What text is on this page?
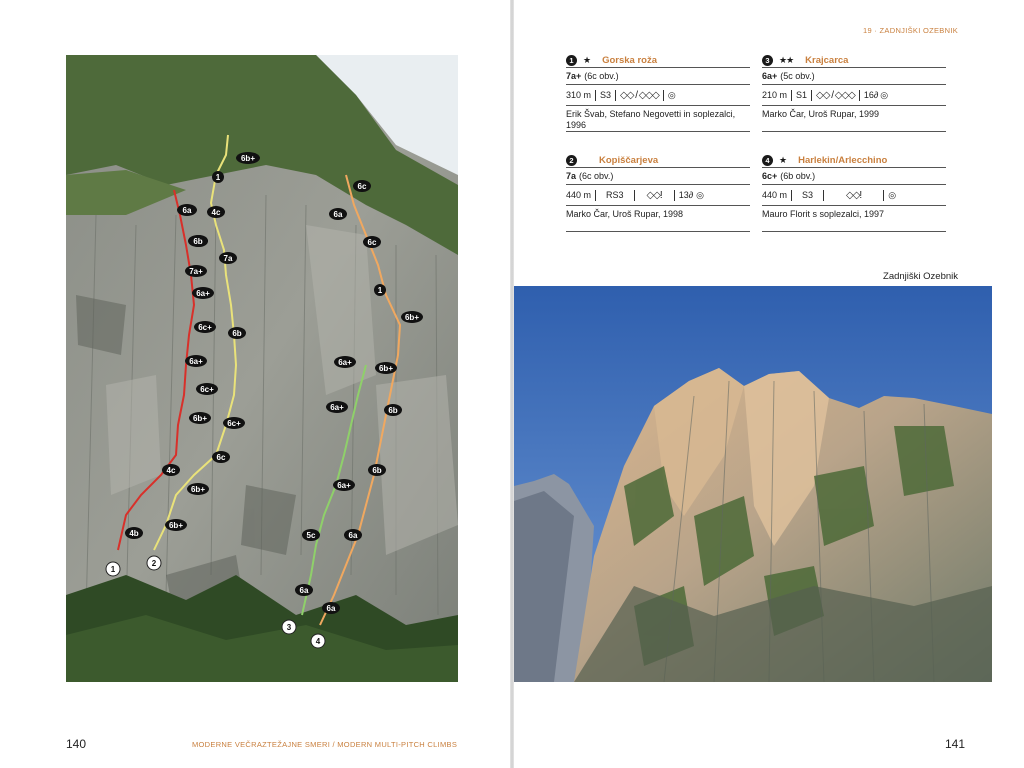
6a
6b
7a+
6a+
6c+
6a+
6b+
4c
4b
6b+
1
4c
7a
6b
6c+
6c+
6c
6b+
6b+
6c
6a
6c
1
6b+
6b+
6b
6b
6a
6a
6a+
6a+
6a+
5c
6a
1
2
3
4
140	MODERNE VEČRAZTEŽAJNE SMERI / MODERN MULTI-PITCH CLIMBS
19 · ZADNJIŠKI OZEBNIK
1	★ Gorska roža
7a+ (6c obv.)
310 m S3 ◇◇ / ◇◇◇ ◎
Erik Švab, Stefano Negovetti in soplezalci, 1996
2	Kopiščarjeva
7a (6c obv.)
440 m	RS3	◇◇!	13 ∂ ◎
Marko Čar, Uroš Rupar, 1998
3	★★ Krajcarca
6a+ (5c obv.)
210 m S1 ◇◇ / ◇◇◇ 16 ∂ ◎
Marko Čar, Uroš Rupar, 1999
4	★ Harlekin/Arlecchino
6c+ (6b obv.)
440 m	S3	◇◇!	◎
Mauro Florit s soplezalci, 1997
Zadnjiški Ozebnik
141
